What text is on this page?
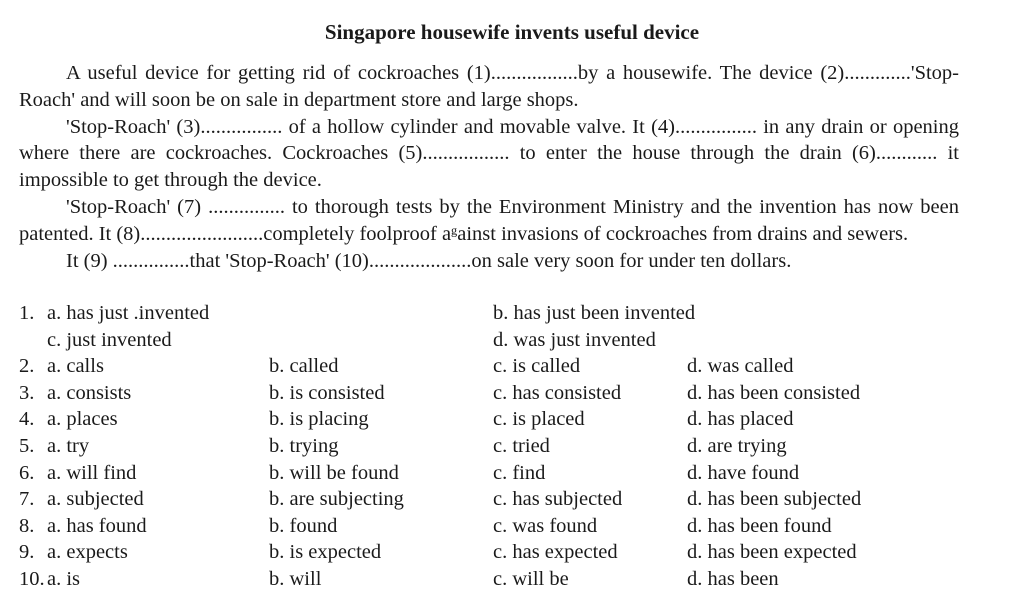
Singapore housewife invents useful device

A useful device for getting rid of cockroaches (1).................by a housewife. The device (2).............'Stop-Roach' and will soon be on sale in department store and large shops.

'Stop-Roach' (3)................ of a hollow cylinder and movable valve. It (4)................ in any drain or opening where there are cockroaches. Cockroaches (5)................. to enter the house through the drain (6)............ it impossible to get through the device.

'Stop-Roach' (7) ............... to thorough tests by the Environment Ministry and the invention has now been patented. It (8)........................completely foolproof aᵍainst invasions of cockroaches from drains and sewers.

It (9) ...............that 'Stop-Roach' (10)....................on sale very soon for under ten dollars.

1. a. has just .invented	b. has just been invented
c. just invented	d. was just invented
2. a. calls	b. called	c. is called	d. was called
3. a. consists	b. is consisted	c. has consisted	d. has been consisted
4. a. places	b. is placing	c. is placed	d. has placed
5. a. try	b. trying	c. tried	d. are trying
6. a. will find	b. will be found	c. find	d. have found
7. a. subjected	b. are subjecting	c. has subjected	d. has been subjected
8. a. has found	b. found	c. was found	d. has been found
9. a. expects	b. is expected	c. has expected	d. has been expected
10. a. is	b. will	c. will be	d. has been
